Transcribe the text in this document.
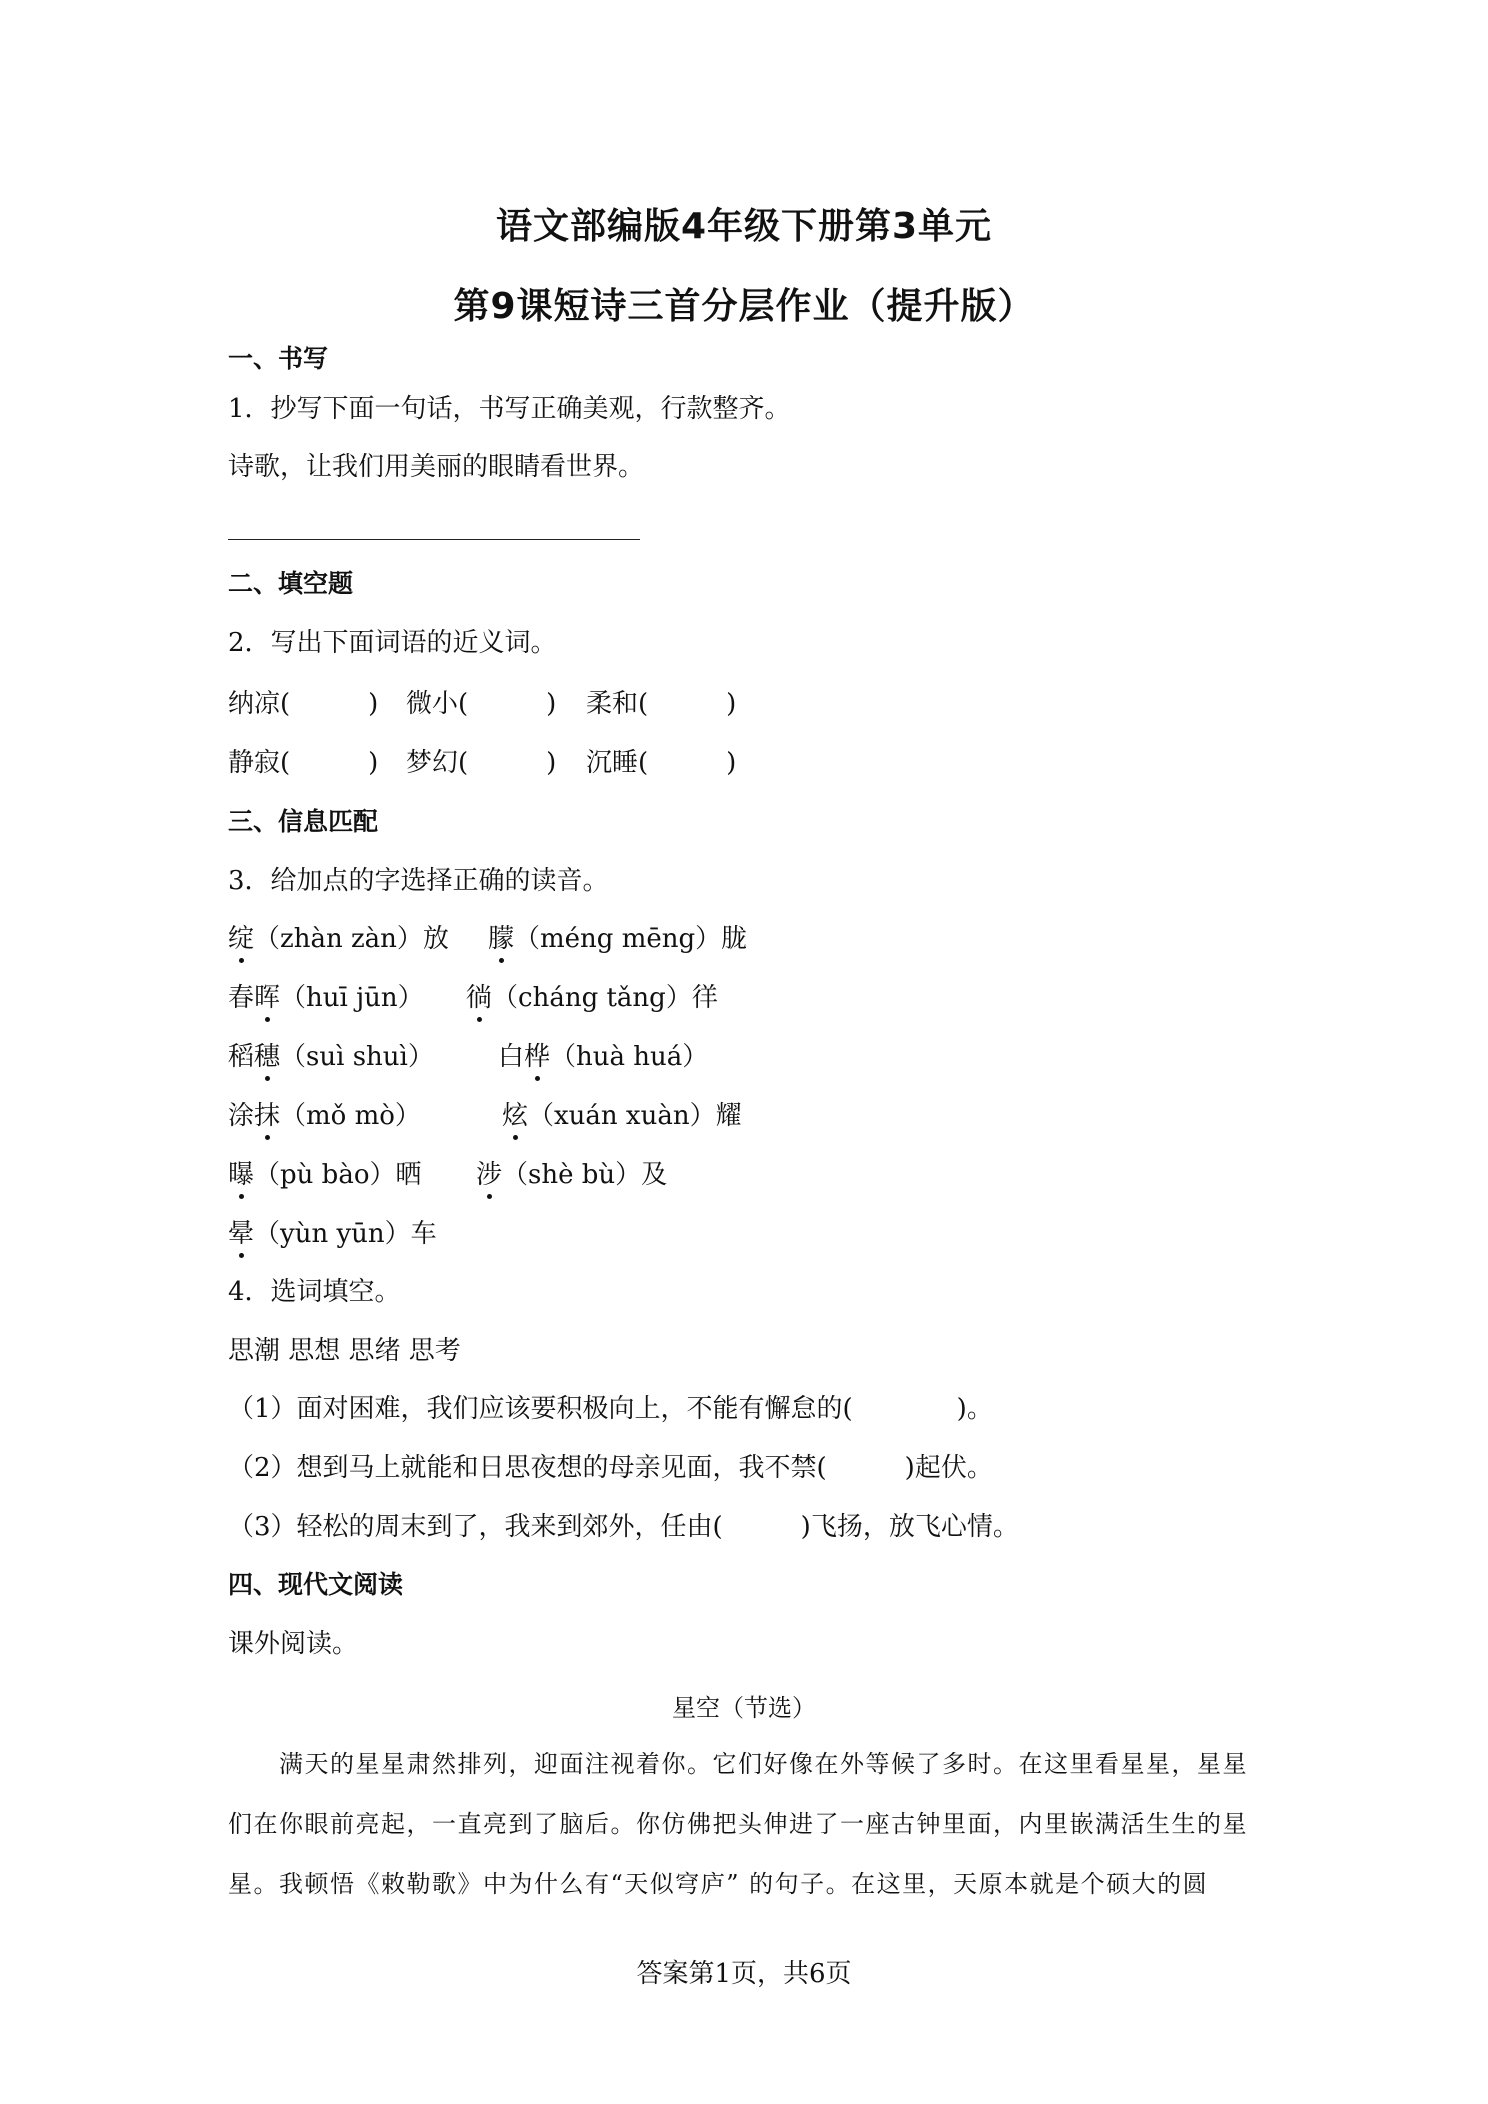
语文部编版4年级下册第3单元
第9课短诗三首分层作业（提升版）
一、书写
1．抄写下面一句话，书写正确美观，行款整齐。
诗歌，让我们用美丽的眼睛看世界。
二、填空题
2．写出下面词语的近义词。
纳凉(　　　) 微小(　　　) 柔和(　　　)
静寂(　　　) 梦幻(　　　) 沉睡(　　　)
三、信息匹配
3．给加点的字选择正确的读音。
绽（zhàn zàn）放 朦（méng mēng）胧
春晖（huī jūn） 徜（cháng tǎng）徉
稻穗（suì shuì） 白桦（huà huá）
涂抹（mǒ mò）	炫（xuán xuàn）耀
曝（pù bào）晒 涉（shè bù）及
晕（yùn yūn）车
4．选词填空。
思潮 思想 思绪 思考
（1）面对困难，我们应该要积极向上，不能有懈怠的(　　　　)。
（2）想到马上就能和日思夜想的母亲见面，我不禁(　　　)起伏。
（3）轻松的周末到了，我来到郊外，任由(　　　)飞扬，放飞心情。
四、现代文阅读
课外阅读。
星空（节选）
　　满天的星星肃然排列，迎面注视着你。它们好像在外等候了多时。在这里看星星，星星
们在你眼前亮起，一直亮到了脑后。你仿佛把头伸进了一座古钟里面，内里嵌满活生生的星
星。我顿悟《敕勒歌》中为什么有“天似穹庐” 的句子。在这里，天原本就是个硕大的圆
答案第1页，共6页
